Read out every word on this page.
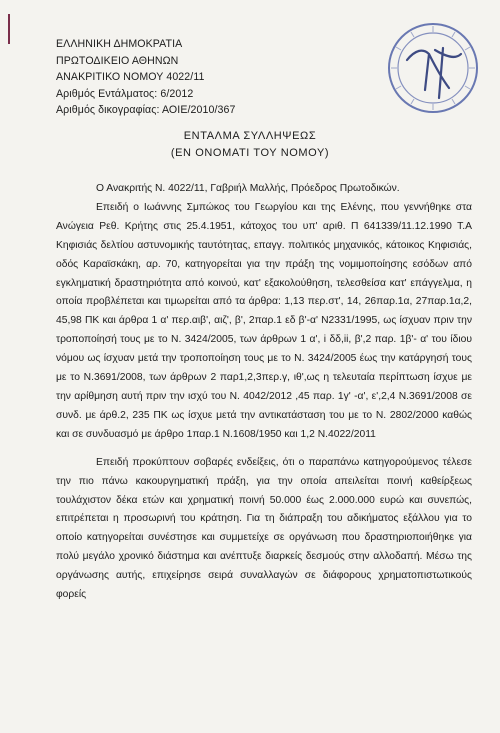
ΕΛΛΗΝΙΚΗ ΔΗΜΟΚΡΑΤΙΑ
ΠΡΩΤΟΔΙΚΕΙΟ ΑΘΗΝΩΝ
ΑΝΑΚΡΙΤΙΚΟ ΝΟΜΟΥ 4022/11
Αριθμός Εντάλματος: 6/2012
Αριθμός δικογραφίας: ΑΟΙΕ/2010/367
ΕΝΤΑΛΜΑ ΣΥΛΛΗΨΕΩΣ
(ΕΝ ΟΝΟΜΑΤΙ ΤΟΥ ΝΟΜΟΥ)

Ο Ανακριτής Ν. 4022/11, Γαβριήλ Μαλλής, Πρόεδρος Πρωτοδικών.

Επειδή ο Ιωάννης Σμπώκος του Γεωργίου και της Ελένης, που γεννήθηκε στα Ανώγεια Ρεθ. Κρήτης στις 25.4.1951, κάτοχος του υπ' αριθ. Π 641339/11.12.1990 Τ.Α Κηφισιάς δελτίου αστυνομικής ταυτότητας, επαγγ. πολιτικός μηχανικός, κάτοικος Κηφισιάς, οδός Καραϊσκάκη, αρ. 70, κατηγορείται για την πράξη της νομιμοποίησης εσόδων από εγκληματική δραστηριότητα από κοινού, κατ' εξακολούθηση, τελεσθείσα κατ' επάγγελμα, η οποία προβλέπεται και τιμωρείται από τα άρθρα: 1,13 περ.στ', 14, 26παρ.1α, 27παρ.1α,2, 45,98 ΠΚ και άρθρα 1 α' περ.αιβ', αιζ', β', 2παρ.1 εδ β'-α' Ν2331/1995, ως ίσχυαν πριν την τροποποίησή τους με το Ν. 3424/2005, των άρθρων 1 α', i δδ,ii, β',2 παρ. 1β'- α' του ίδιου νόμου ως ίσχυαν μετά την τροποποίηση τους με το Ν. 3424/2005 έως την κατάργησή τους με το Ν.3691/2008, των άρθρων 2 παρ1,2,3περ.γ, ιθ',ως η τελευταία περίπτωση ίσχυε με την αρίθμηση αυτή πριν την ισχύ του Ν. 4042/2012 ,45 παρ. 1γ' -α', ε',2,4 Ν.3691/2008 σε συνδ. με άρθ.2, 235 ΠΚ ως ίσχυε μετά την αντικατάσταση του με το Ν. 2802/2000 καθώς και σε συνδυασμό με άρθρο 1παρ.1 Ν.1608/1950 και 1,2 Ν.4022/2011

Επειδή προκύπτουν σοβαρές ενδείξεις, ότι ο παραπάνω κατηγορούμενος τέλεσε την πιο πάνω κακουργηματική πράξη, για την οποία απειλείται ποινή καθείρξεως τουλάχιστον δέκα ετών και χρηματική ποινή 50.000 έως 2.000.000 ευρώ και συνεπώς, επιτρέπεται η προσωρινή του κράτηση. Για τη διάπραξη του αδικήματος εξάλλου για το οποίο κατηγορείται συνέστησε και συμμετείχε σε οργάνωση που δραστηριοποιήθηκε για πολύ μεγάλο χρονικό διάστημα και ανέπτυξε διαρκείς δεσμούς στην αλλοδαπή. Μέσω της οργάνωσης αυτής, επιχείρησε σειρά συναλλαγών σε διάφορους χρηματοπιστωτικούς φορείς
